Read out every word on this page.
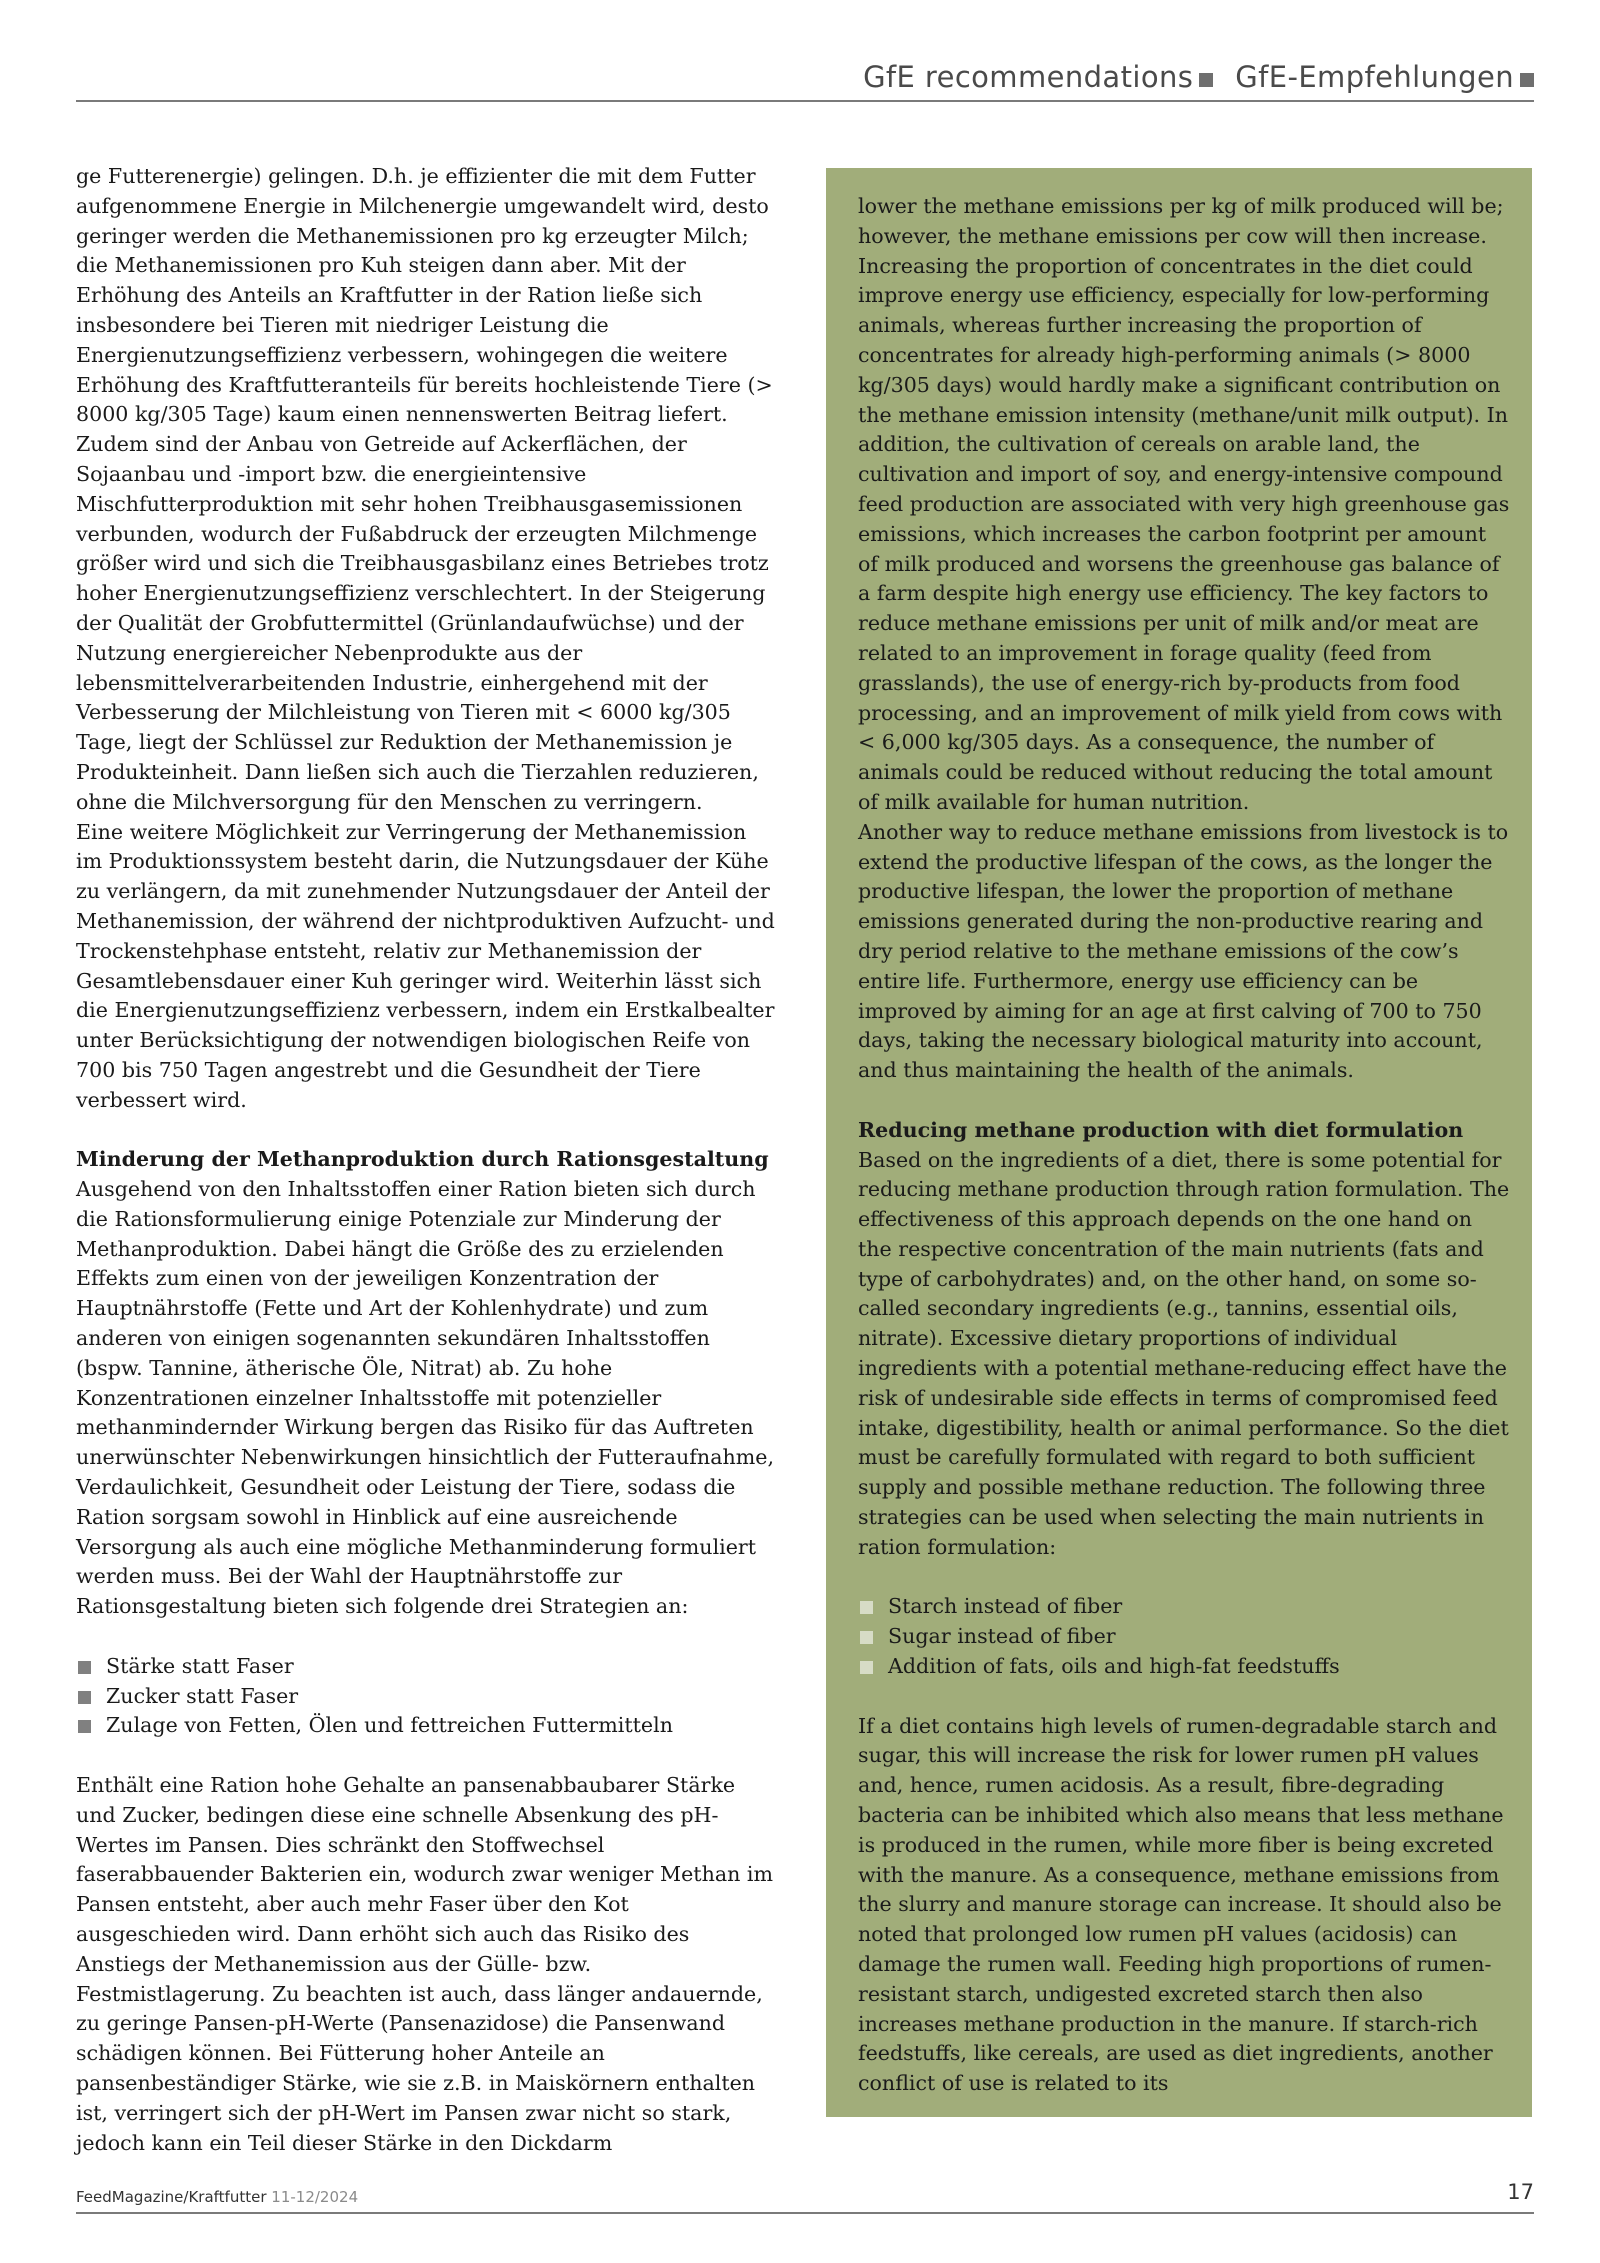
GfE recommendations GfE-Empfehlungen

ge Futterenergie) gelingen. D.h. je effizienter die mit dem Futter aufgenommene Energie in Milchenergie umgewandelt wird, desto geringer werden die Methanemissionen pro kg erzeugter Milch; die Methanemissionen pro Kuh steigen dann aber. Mit der Erhöhung des Anteils an Kraftfutter in der Ration ließe sich insbesondere bei Tieren mit niedriger Leistung die Energienutzungseffizienz verbessern, wohingegen die weitere Erhöhung des Kraftfutteranteils für bereits hochleistende Tiere (> 8000 kg/305 Tage) kaum einen nennenswerten Beitrag liefert. Zudem sind der Anbau von Getreide auf Ackerflächen, der Sojaanbau und -import bzw. die energieintensive Mischfutterproduktion mit sehr hohen Treibhausgasemissionen verbunden, wodurch der Fußabdruck der erzeugten Milchmenge größer wird und sich die Treibhausgasbilanz eines Betriebes trotz hoher Energienutzungseffizienz verschlechtert. In der Steigerung der Qualität der Grobfuttermittel (Grünlandaufwüchse) und der Nutzung energiereicher Nebenprodukte aus der lebensmittelverarbeitenden Industrie, einhergehend mit der Verbesserung der Milchleistung von Tieren mit < 6000 kg/305 Tage, liegt der Schlüssel zur Reduktion der Methanemission je Produkteinheit. Dann ließen sich auch die Tierzahlen reduzieren, ohne die Milchversorgung für den Menschen zu verringern.

Eine weitere Möglichkeit zur Verringerung der Methanemission im Produktionssystem besteht darin, die Nutzungsdauer der Kühe zu verlängern, da mit zunehmender Nutzungsdauer der Anteil der Methanemission, der während der nichtproduktiven Aufzucht- und Trockenstehphase entsteht, relativ zur Methanemission der Gesamtlebensdauer einer Kuh geringer wird. Weiterhin lässt sich die Energienutzungseffizienz verbessern, indem ein Erstkalbealter unter Berücksichtigung der notwendigen biologischen Reife von 700 bis 750 Tagen angestrebt und die Gesundheit der Tiere verbessert wird.

Minderung der Methanproduktion durch Rationsgestaltung

Ausgehend von den Inhaltsstoffen einer Ration bieten sich durch die Rationsformulierung einige Potenziale zur Minderung der Methanproduktion. Dabei hängt die Größe des zu erzielenden Effekts zum einen von der jeweiligen Konzentration der Hauptnährstoffe (Fette und Art der Kohlenhydrate) und zum anderen von einigen sogenannten sekundären Inhaltsstoffen (bspw. Tannine, ätherische Öle, Nitrat) ab. Zu hohe Konzentrationen einzelner Inhaltsstoffe mit potenzieller methanmindernder Wirkung bergen das Risiko für das Auftreten unerwünschter Nebenwirkungen hinsichtlich der Futteraufnahme, Verdaulichkeit, Gesundheit oder Leistung der Tiere, sodass die Ration sorgsam sowohl in Hinblick auf eine ausreichende Versorgung als auch eine mögliche Methanminderung formuliert werden muss. Bei der Wahl der Hauptnährstoffe zur Rationsgestaltung bieten sich folgende drei Strategien an:

Stärke statt Faser
Zucker statt Faser
Zulage von Fetten, Ölen und fettreichen Futtermitteln

Enthält eine Ration hohe Gehalte an pansenabbaubarer Stärke und Zucker, bedingen diese eine schnelle Absenkung des pH-Wertes im Pansen. Dies schränkt den Stoffwechsel faserabbauender Bakterien ein, wodurch zwar weniger Methan im Pansen entsteht, aber auch mehr Faser über den Kot ausgeschieden wird. Dann erhöht sich auch das Risiko des Anstiegs der Methanemission aus der Gülle- bzw. Festmistlagerung. Zu beachten ist auch, dass länger andauernde, zu geringe Pansen-pH-Werte (Pansenazidose) die Pansenwand schädigen können. Bei Fütterung hoher Anteile an pansenbeständiger Stärke, wie sie z.B. in Maiskörnern enthalten ist, verringert sich der pH-Wert im Pansen zwar nicht so stark, jedoch kann ein Teil dieser Stärke in den Dickdarm

lower the methane emissions per kg of milk produced will be; however, the methane emissions per cow will then increase. Increasing the proportion of concentrates in the diet could improve energy use efficiency, especially for low-performing animals, whereas further increasing the proportion of concentrates for already high-performing animals (> 8000 kg/305 days) would hardly make a significant contribution on the methane emission intensity (methane/unit milk output). In addition, the cultivation of cereals on arable land, the cultivation and import of soy, and energy-intensive compound feed production are associated with very high greenhouse gas emissions, which increases the carbon footprint per amount of milk produced and worsens the greenhouse gas balance of a farm despite high energy use efficiency. The key factors to reduce methane emissions per unit of milk and/or meat are related to an improvement in forage quality (feed from grasslands), the use of energy-rich by-products from food processing, and an improvement of milk yield from cows with < 6,000 kg/305 days. As a consequence, the number of animals could be reduced without reducing the total amount of milk available for human nutrition.

Another way to reduce methane emissions from livestock is to extend the productive lifespan of the cows, as the longer the productive lifespan, the lower the proportion of methane emissions generated during the non-productive rearing and dry period relative to the methane emissions of the cow’s entire life. Furthermore, energy use efficiency can be improved by aiming for an age at first calving of 700 to 750 days, taking the necessary biological maturity into account, and thus maintaining the health of the animals.

Reducing methane production with diet formulation

Based on the ingredients of a diet, there is some potential for reducing methane production through ration formulation. The effectiveness of this approach depends on the one hand on the respective concentration of the main nutrients (fats and type of carbohydrates) and, on the other hand, on some so-called secondary ingredients (e.g., tannins, essential oils, nitrate). Excessive dietary proportions of individual ingredients with a potential methane-reducing effect have the risk of undesirable side effects in terms of compromised feed intake, digestibility, health or animal performance. So the diet must be carefully formulated with regard to both sufficient supply and possible methane reduction. The following three strategies can be used when selecting the main nutrients in ration formulation:

Starch instead of fiber
Sugar instead of fiber
Addition of fats, oils and high-fat feedstuffs

If a diet contains high levels of rumen-degradable starch and sugar, this will increase the risk for lower rumen pH values and, hence, rumen acidosis. As a result, fibre-degrading bacteria can be inhibited which also means that less methane is produced in the rumen, while more fiber is being excreted with the manure. As a consequence, methane emissions from the slurry and manure storage can increase. It should also be noted that prolonged low rumen pH values (acidosis) can damage the rumen wall. Feeding high proportions of rumen-resistant starch, undigested excreted starch then also increases methane production in the manure. If starch-rich feedstuffs, like cereals, are used as diet ingredients, another conflict of use is related to its

FeedMagazine/Kraftfutter 11-12/2024	17
